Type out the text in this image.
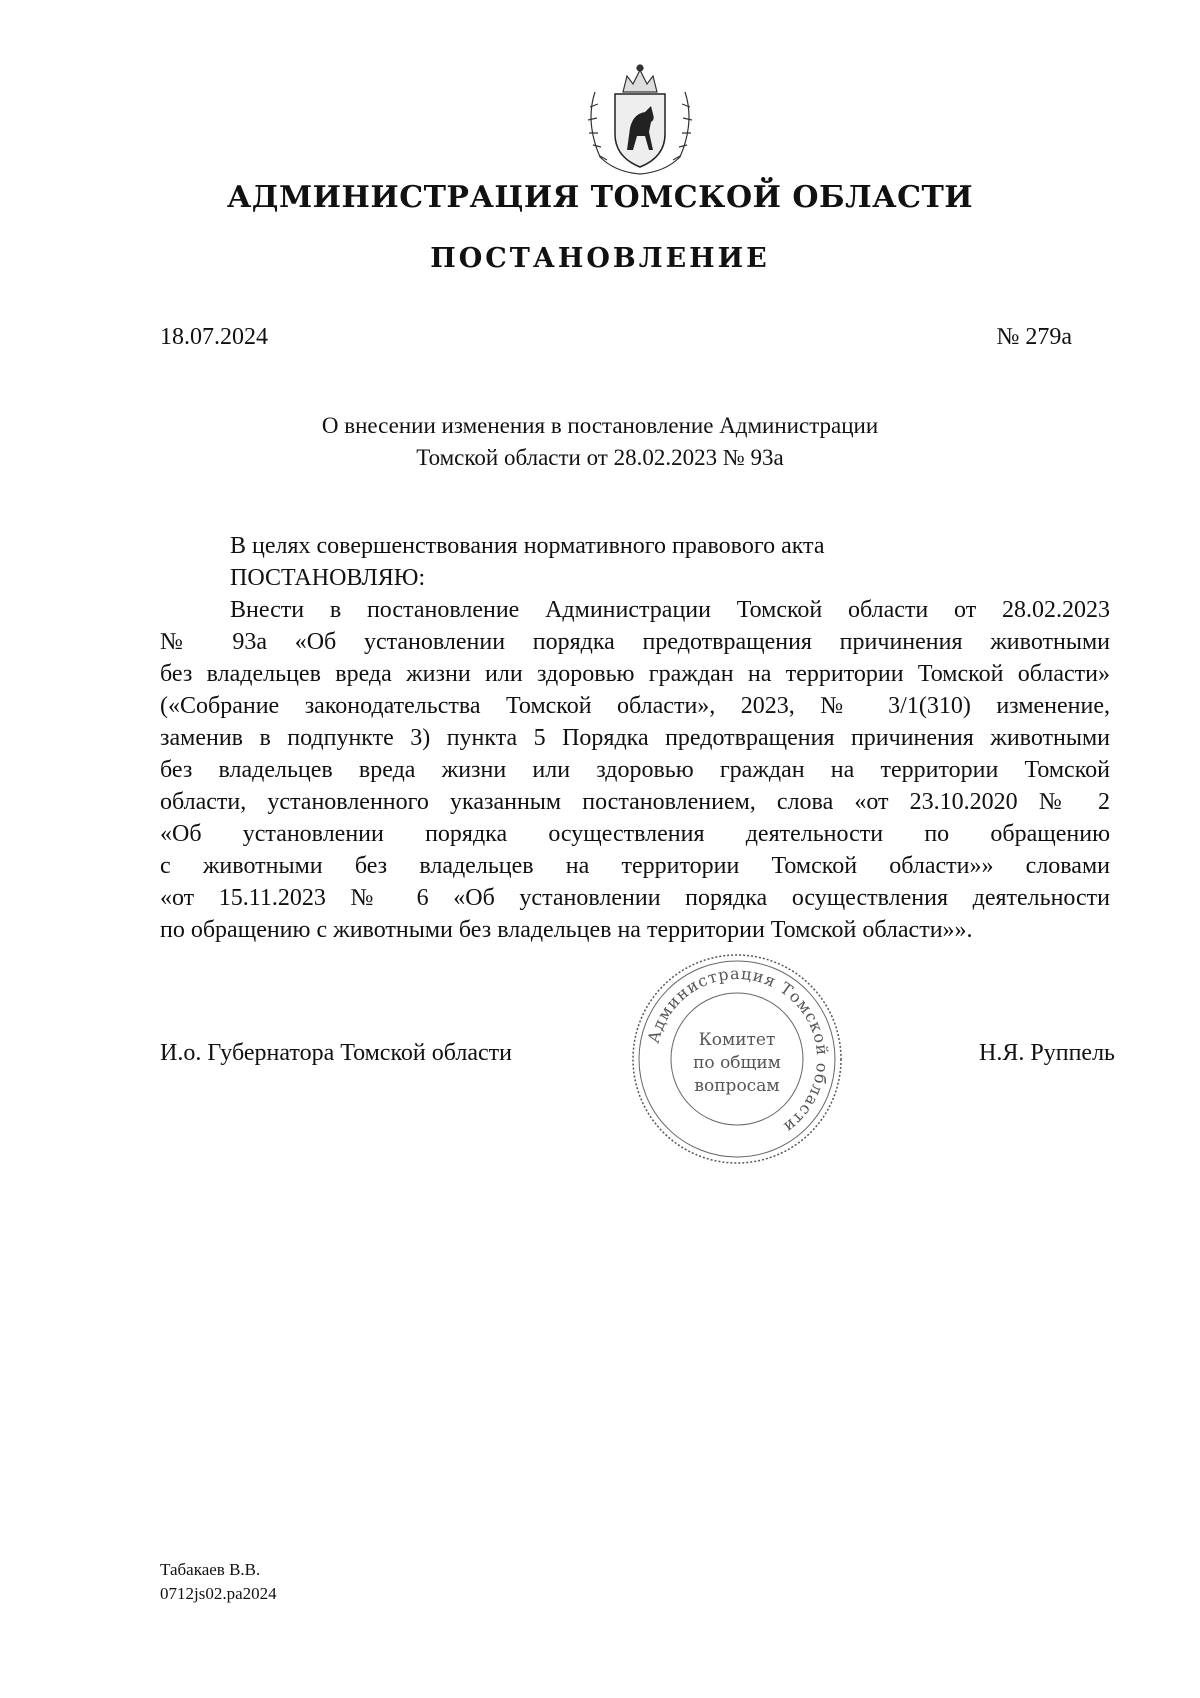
АДМИНИСТРАЦИЯ ТОМСКОЙ ОБЛАСТИ
ПОСТАНОВЛЕНИЕ
18.07.2024	№ 279а
О внесении изменения в постановление Администрации
Томской области от 28.02.2023 № 93а
В целях совершенствования нормативного правового акта
ПОСТАНОВЛЯЮ:
Внести в постановление Администрации Томской области от 28.02.2023
№ 93а «Об установлении порядка предотвращения причинения животными
без владельцев вреда жизни или здоровью граждан на территории Томской области»
(«Собрание законодательства Томской области», 2023, № 3/1(310) изменение,
заменив в подпункте 3) пункта 5 Порядка предотвращения причинения животными
без владельцев вреда жизни или здоровью граждан на территории Томской
области, установленного указанным постановлением, слова «от 23.10.2020 № 2
«Об установлении порядка осуществления деятельности по обращению
с животными без владельцев на территории Томской области»» словами
«от 15.11.2023 № 6 «Об установлении порядка осуществления деятельности
по обращению с животными без владельцев на территории Томской области»».
И.о. Губернатора Томской области
Администрация Томской области
Комитет
по общим
вопросам
Н.Я. Руппель
Табакаев В.В.
0712js02.ра2024
